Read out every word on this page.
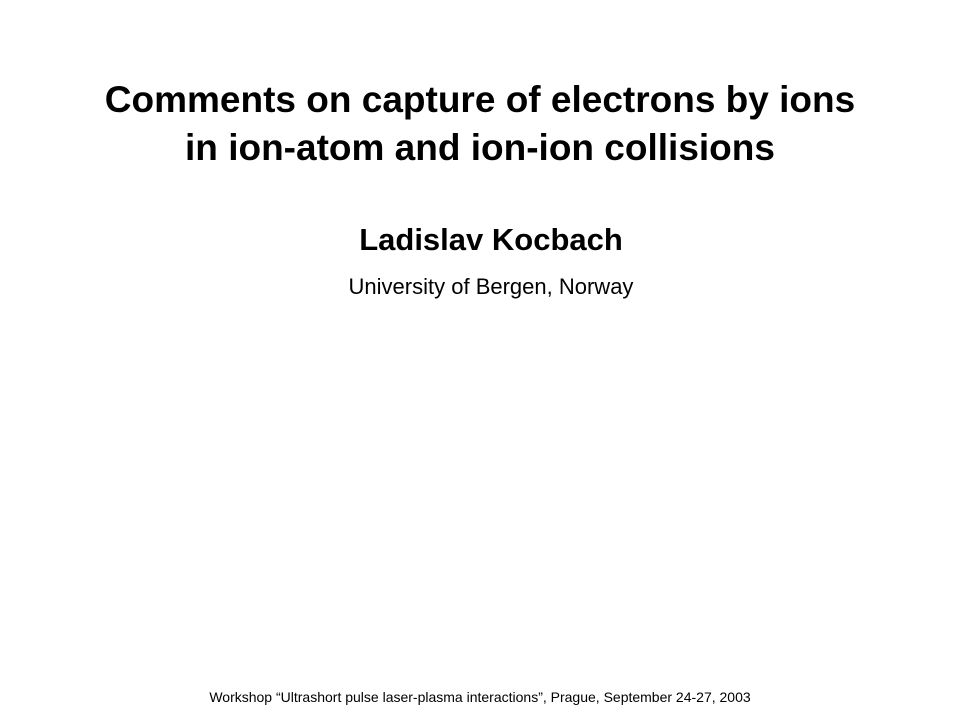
Comments on capture of electrons by ions
in ion-atom and ion-ion collisions
Ladislav Kocbach
University of Bergen, Norway
Workshop “Ultrashort pulse laser-plasma interactions”, Prague, September 24-27, 2003
